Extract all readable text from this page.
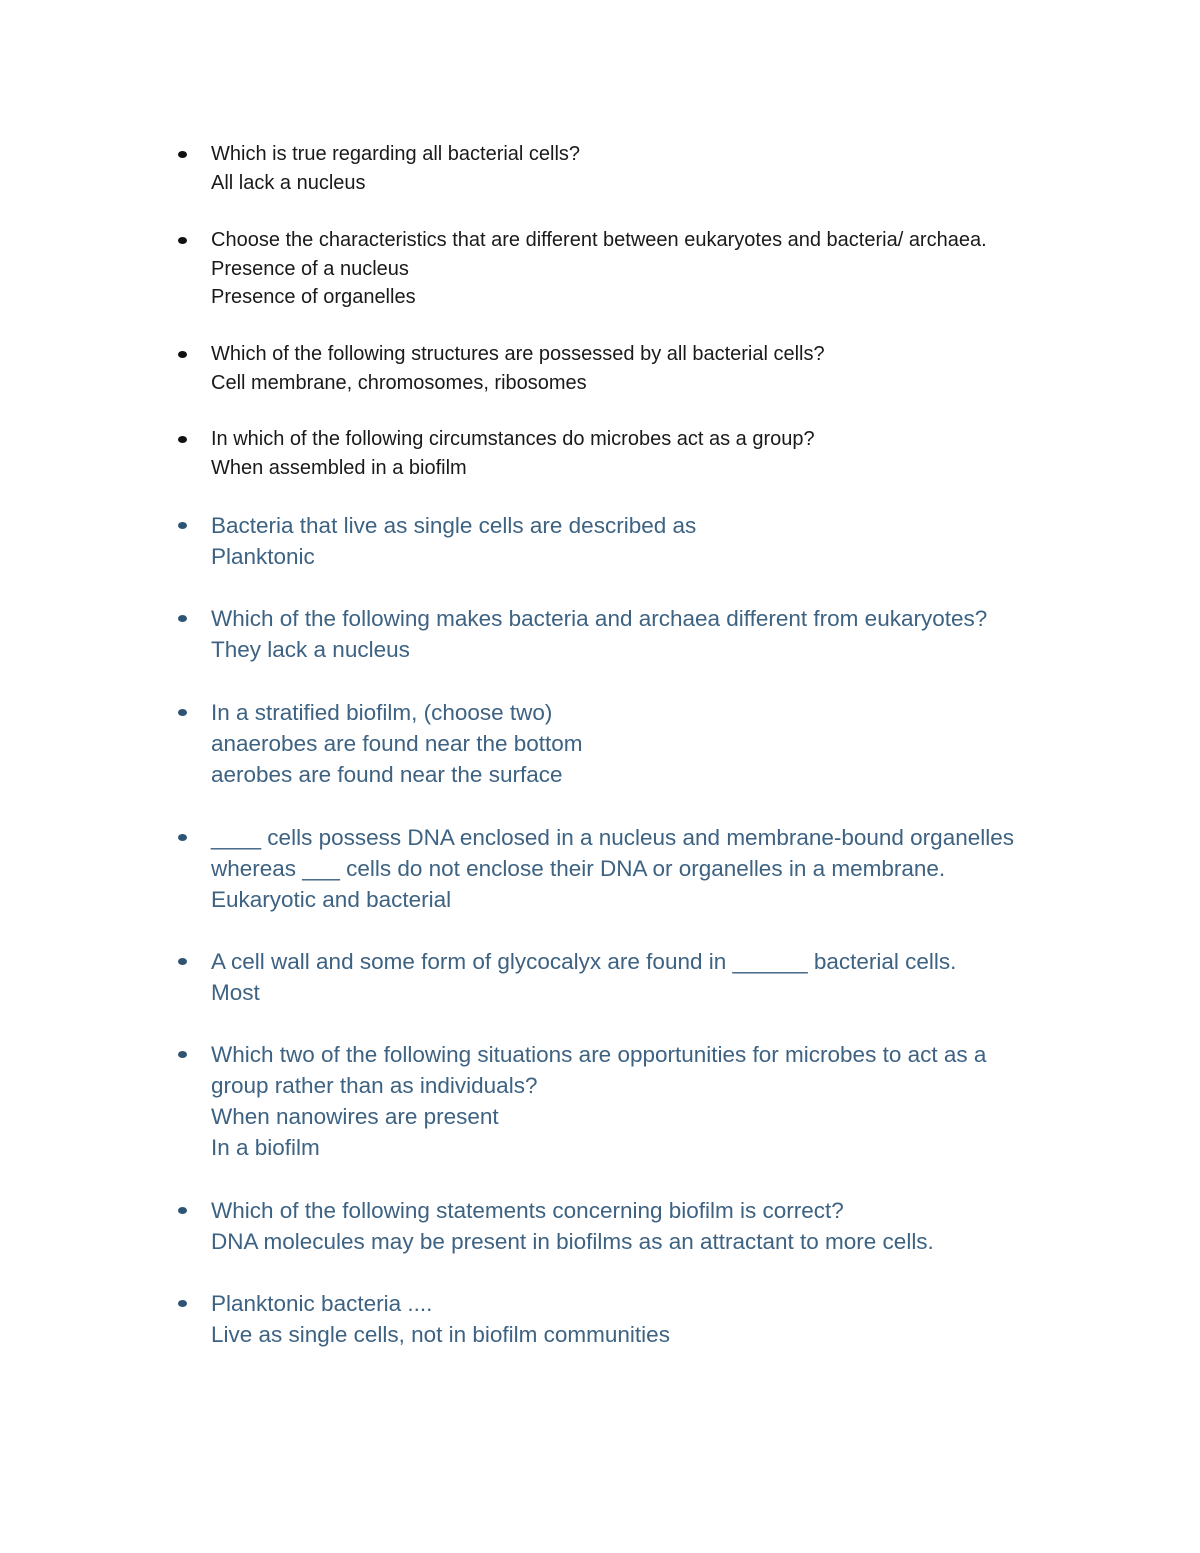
Which is true regarding all bacterial cells?
All lack a nucleus
Choose the characteristics that are different between eukaryotes and bacteria/ archaea.
Presence of a nucleus
Presence of organelles
Which of the following structures are possessed by all bacterial cells?
Cell membrane, chromosomes, ribosomes
In which of the following circumstances do microbes act as a group?
When assembled in a biofilm
Bacteria that live as single cells are described as
Planktonic
Which of the following makes bacteria and archaea different from eukaryotes?
They lack a nucleus
In a stratified biofilm, (choose two)
anaerobes are found near the bottom
aerobes are found near the surface
____ cells possess DNA enclosed in a nucleus and membrane-bound organelles
whereas ___ cells do not enclose their DNA or organelles in a membrane.
Eukaryotic and bacterial
A cell wall and some form of glycocalyx are found in ______ bacterial cells.
Most
Which two of the following situations are opportunities for microbes to act as a
group rather than as individuals?
When nanowires are present
In a biofilm
Which of the following statements concerning biofilm is correct?
DNA molecules may be present in biofilms as an attractant to more cells.
Planktonic bacteria ....
Live as single cells, not in biofilm communities
